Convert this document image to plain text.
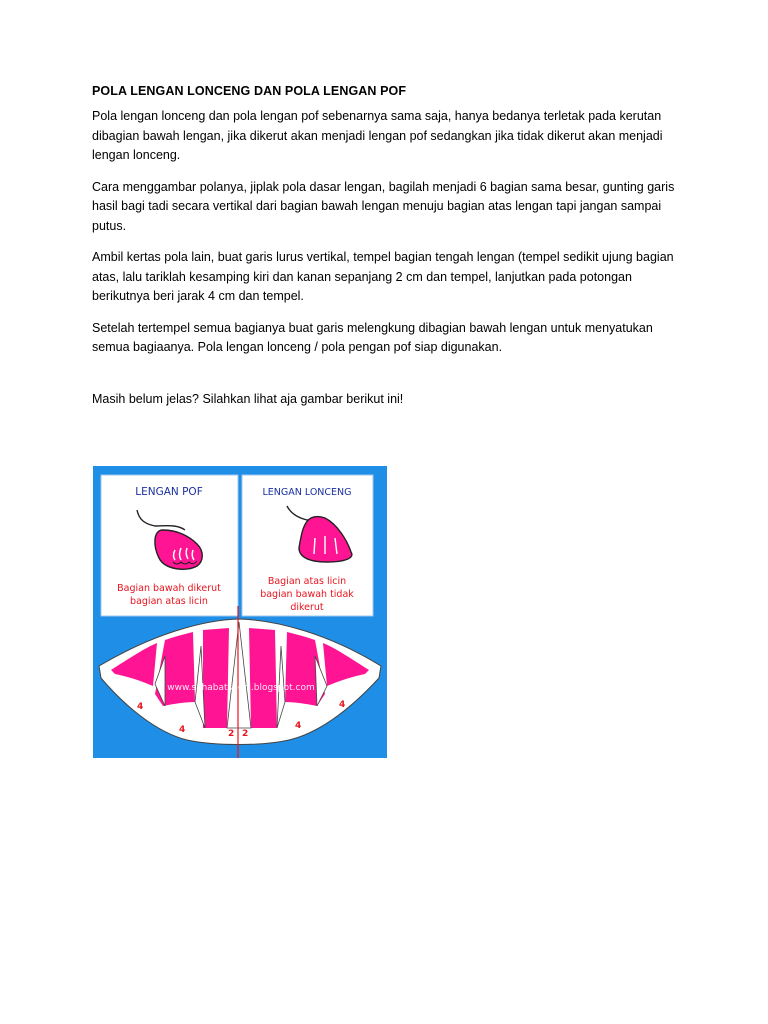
POLA LENGAN LONCENG DAN POLA LENGAN POF

Pola lengan lonceng dan pola lengan pof sebenarnya sama saja, hanya bedanya terletak pada kerutan dibagian bawah lengan, jika dikerut akan menjadi lengan pof sedangkan jika tidak dikerut akan menjadi lengan lonceng.

Cara menggambar polanya, jiplak pola dasar lengan, bagilah menjadi 6 bagian sama besar, gunting garis hasil bagi tadi secara vertikal dari bagian bawah lengan menuju bagian atas lengan tapi jangan sampai putus.

Ambil kertas pola lain, buat garis lurus vertikal, tempel bagian tengah lengan (tempel sedikit ujung bagian atas, lalu tariklah kesamping kiri dan kanan sepanjang 2 cm dan tempel, lanjutkan pada potongan berikutnya beri jarak 4 cm dan tempel.

Setelah tertempel semua bagianya buat garis melengkung dibagian bawah lengan untuk menyatukan semua bagiaanya. Pola lengan lonceng / pola pengan pof siap digunakan.

Masih belum jelas? Silahkan lihat aja gambar berikut ini!

LENGAN POF
Bagian bawah dikerut
bagian atas licin
LENGAN LONCENG
Bagian atas licin
bagian bawah tidak
dikerut
www.sahabatsachi.blogspot.com
4
4	2 2
4
4
